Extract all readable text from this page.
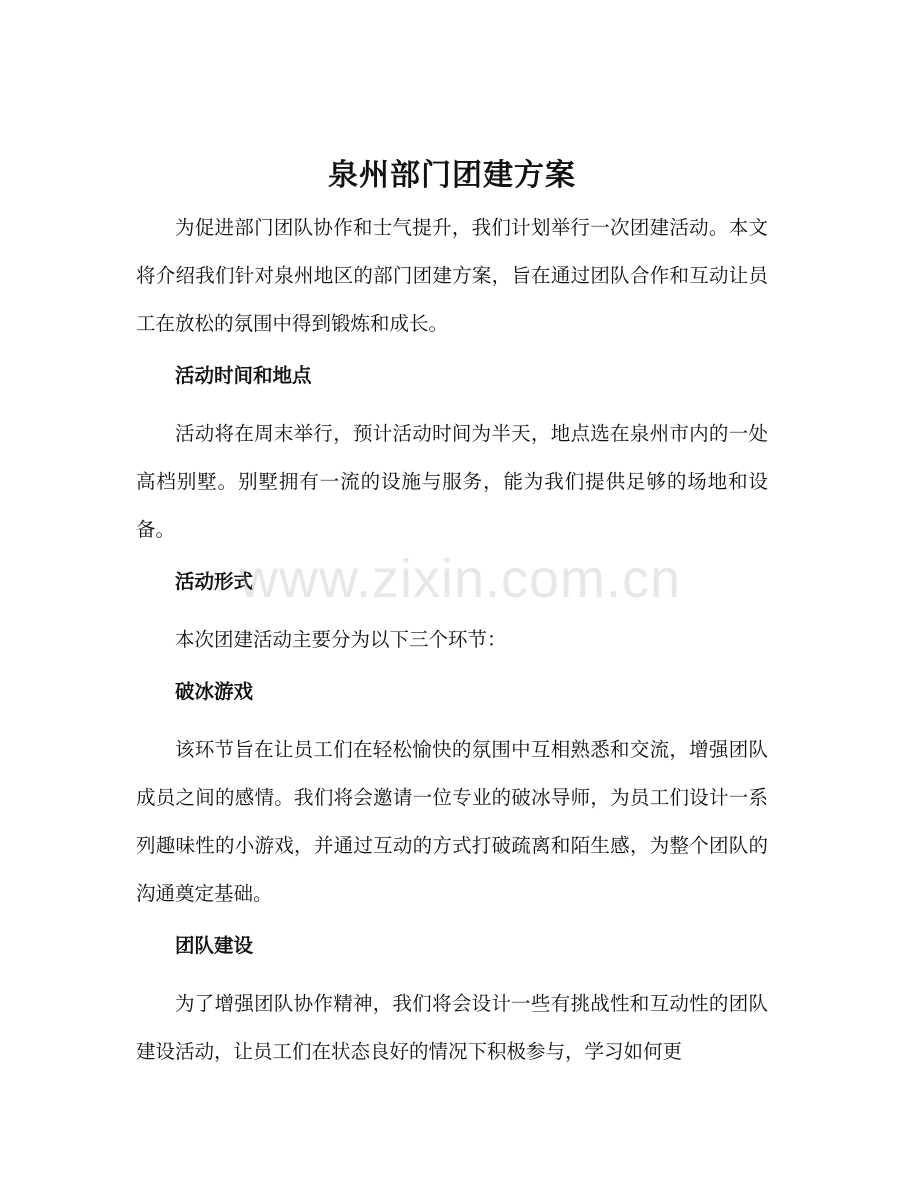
泉州部门团建方案

为促进部门团队协作和士气提升，我们计划举行一次团建活动。本文将介绍我们针对泉州地区的部门团建方案，旨在通过团队合作和互动让员工在放松的氛围中得到锻炼和成长。

活动时间和地点

活动将在周末举行，预计活动时间为半天，地点选在泉州市内的一处高档别墅。别墅拥有一流的设施与服务，能为我们提供足够的场地和设备。

活动形式

本次团建活动主要分为以下三个环节：

破冰游戏

该环节旨在让员工们在轻松愉快的氛围中互相熟悉和交流，增强团队成员之间的感情。我们将会邀请一位专业的破冰导师，为员工们设计一系列趣味性的小游戏，并通过互动的方式打破疏离和陌生感，为整个团队的沟通奠定基础。

团队建设

为了增强团队协作精神，我们将会设计一些有挑战性和互动性的团队建设活动，让员工们在状态良好的情况下积极参与，学习如何更

www.zixin.com.cn
